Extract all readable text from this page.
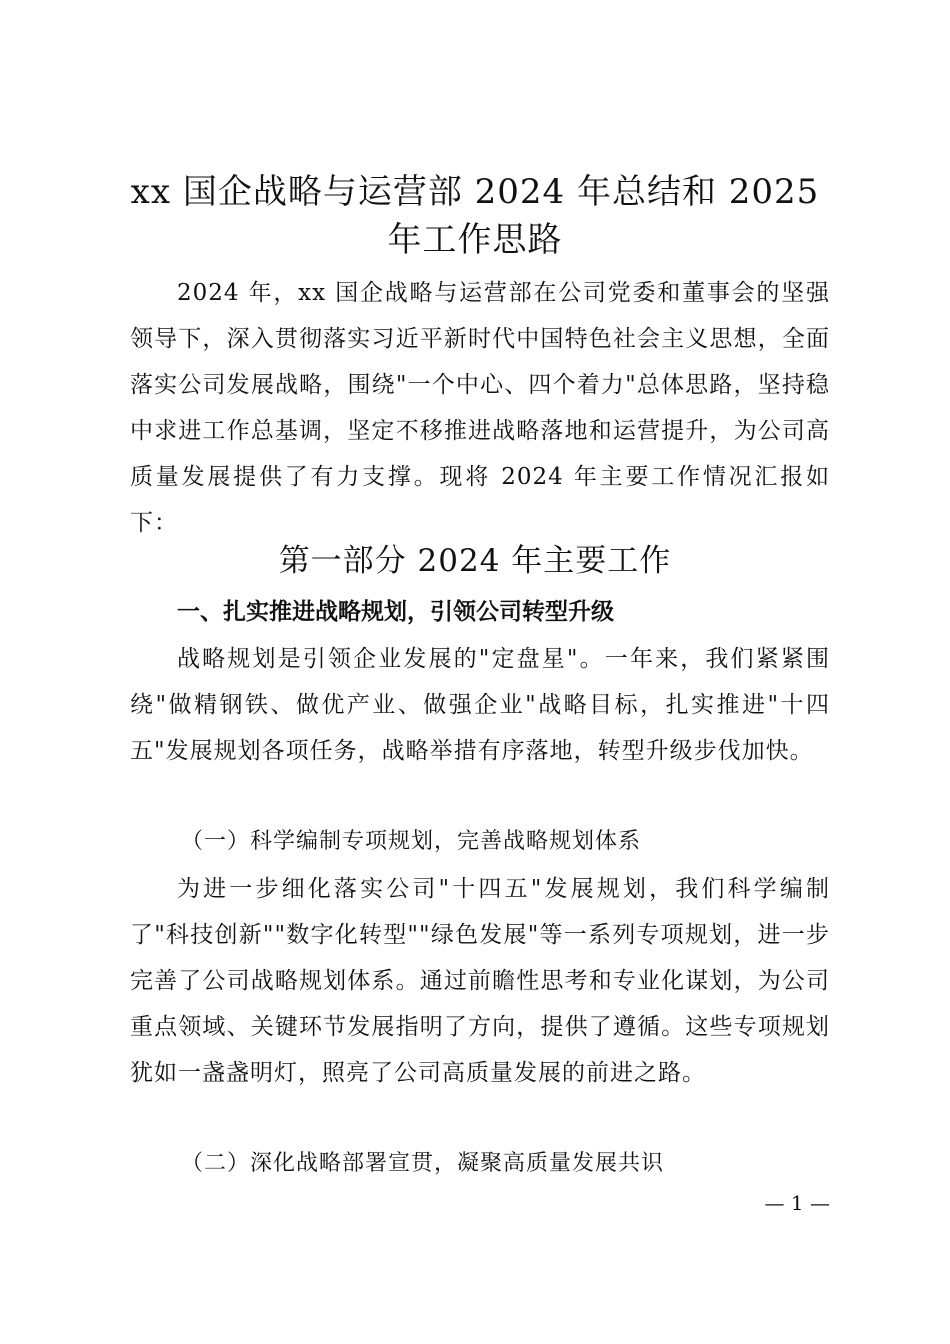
xx 国企战略与运营部 2024 年总结和 2025 年工作思路
2024 年，xx 国企战略与运营部在公司党委和董事会的坚强领导下，深入贯彻落实习近平新时代中国特色社会主义思想，全面落实公司发展战略，围绕"一个中心、四个着力"总体思路，坚持稳中求进工作总基调，坚定不移推进战略落地和运营提升，为公司高质量发展提供了有力支撑。现将 2024 年主要工作情况汇报如下：
第一部分 2024 年主要工作
一、扎实推进战略规划，引领公司转型升级
战略规划是引领企业发展的"定盘星"。一年来，我们紧紧围绕"做精钢铁、做优产业、做强企业"战略目标，扎实推进"十四五"发展规划各项任务，战略举措有序落地，转型升级步伐加快。
（一）科学编制专项规划，完善战略规划体系
为进一步细化落实公司"十四五"发展规划，我们科学编制了"科技创新""数字化转型""绿色发展"等一系列专项规划，进一步完善了公司战略规划体系。通过前瞻性思考和专业化谋划，为公司重点领域、关键环节发展指明了方向，提供了遵循。这些专项规划犹如一盏盏明灯，照亮了公司高质量发展的前进之路。
（二）深化战略部署宣贯，凝聚高质量发展共识
— 1 —
